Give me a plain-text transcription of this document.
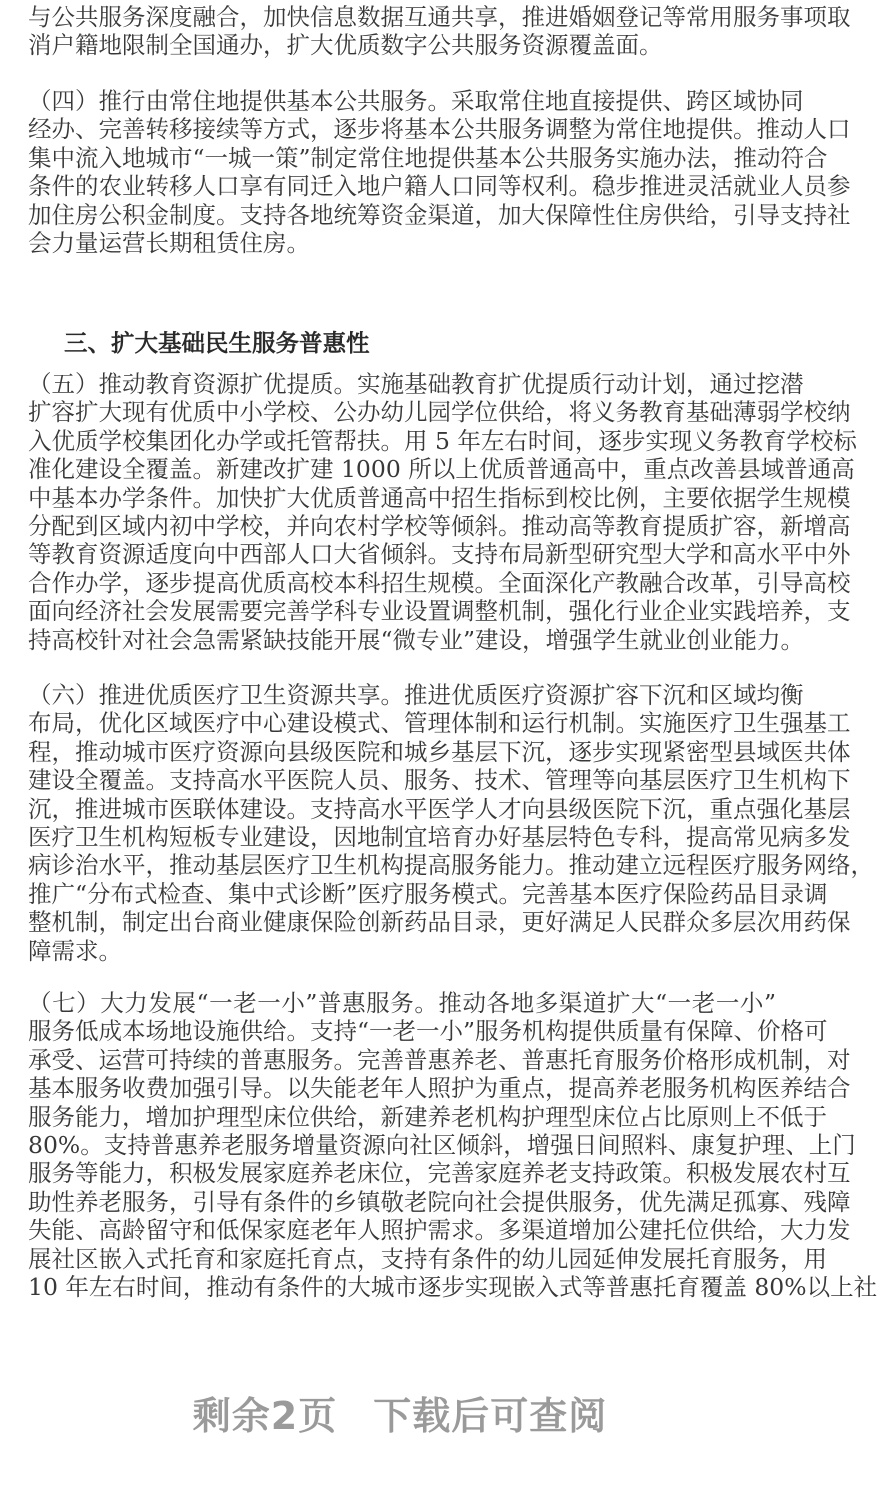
与公共服务深度融合，加快信息数据互通共享，推进婚姻登记等常用服务事项取
消户籍地限制全国通办，扩大优质数字公共服务资源覆盖面。
（四）推行由常住地提供基本公共服务。采取常住地直接提供、跨区域协同
经办、完善转移接续等方式，逐步将基本公共服务调整为常住地提供。推动人口
集中流入地城市“一城一策”制定常住地提供基本公共服务实施办法，推动符合
条件的农业转移人口享有同迁入地户籍人口同等权利。稳步推进灵活就业人员参
加住房公积金制度。支持各地统筹资金渠道，加大保障性住房供给，引导支持社
会力量运营长期租赁住房。
三、扩大基础民生服务普惠性
（五）推动教育资源扩优提质。实施基础教育扩优提质行动计划，通过挖潜
扩容扩大现有优质中小学校、公办幼儿园学位供给，将义务教育基础薄弱学校纳
入优质学校集团化办学或托管帮扶。用 5 年左右时间，逐步实现义务教育学校标
准化建设全覆盖。新建改扩建 1000 所以上优质普通高中，重点改善县域普通高
中基本办学条件。加快扩大优质普通高中招生指标到校比例，主要依据学生规模
分配到区域内初中学校，并向农村学校等倾斜。推动高等教育提质扩容，新增高
等教育资源适度向中西部人口大省倾斜。支持布局新型研究型大学和高水平中外
合作办学，逐步提高优质高校本科招生规模。全面深化产教融合改革，引导高校
面向经济社会发展需要完善学科专业设置调整机制，强化行业企业实践培养，支
持高校针对社会急需紧缺技能开展“微专业”建设，增强学生就业创业能力。
（六）推进优质医疗卫生资源共享。推进优质医疗资源扩容下沉和区域均衡
布局，优化区域医疗中心建设模式、管理体制和运行机制。实施医疗卫生强基工
程，推动城市医疗资源向县级医院和城乡基层下沉，逐步实现紧密型县域医共体
建设全覆盖。支持高水平医院人员、服务、技术、管理等向基层医疗卫生机构下
沉，推进城市医联体建设。支持高水平医学人才向县级医院下沉，重点强化基层
医疗卫生机构短板专业建设，因地制宜培育办好基层特色专科，提高常见病多发
病诊治水平，推动基层医疗卫生机构提高服务能力。推动建立远程医疗服务网络，
推广“分布式检查、集中式诊断”医疗服务模式。完善基本医疗保险药品目录调
整机制，制定出台商业健康保险创新药品目录，更好满足人民群众多层次用药保
障需求。
（七）大力发展“一老一小”普惠服务。推动各地多渠道扩大“一老一小”
服务低成本场地设施供给。支持“一老一小”服务机构提供质量有保障、价格可
承受、运营可持续的普惠服务。完善普惠养老、普惠托育服务价格形成机制，对
基本服务收费加强引导。以失能老年人照护为重点，提高养老服务机构医养结合
服务能力，增加护理型床位供给，新建养老机构护理型床位占比原则上不低于
80%。支持普惠养老服务增量资源向社区倾斜，增强日间照料、康复护理、上门
服务等能力，积极发展家庭养老床位，完善家庭养老支持政策。积极发展农村互
助性养老服务，引导有条件的乡镇敬老院向社会提供服务，优先满足孤寡、残障
失能、高龄留守和低保家庭老年人照护需求。多渠道增加公建托位供给，大力发
展社区嵌入式托育和家庭托育点，支持有条件的幼儿园延伸发展托育服务，用
10 年左右时间，推动有条件的大城市逐步实现嵌入式等普惠托育覆盖 80%以上社
剩余2页 下载后可查阅
